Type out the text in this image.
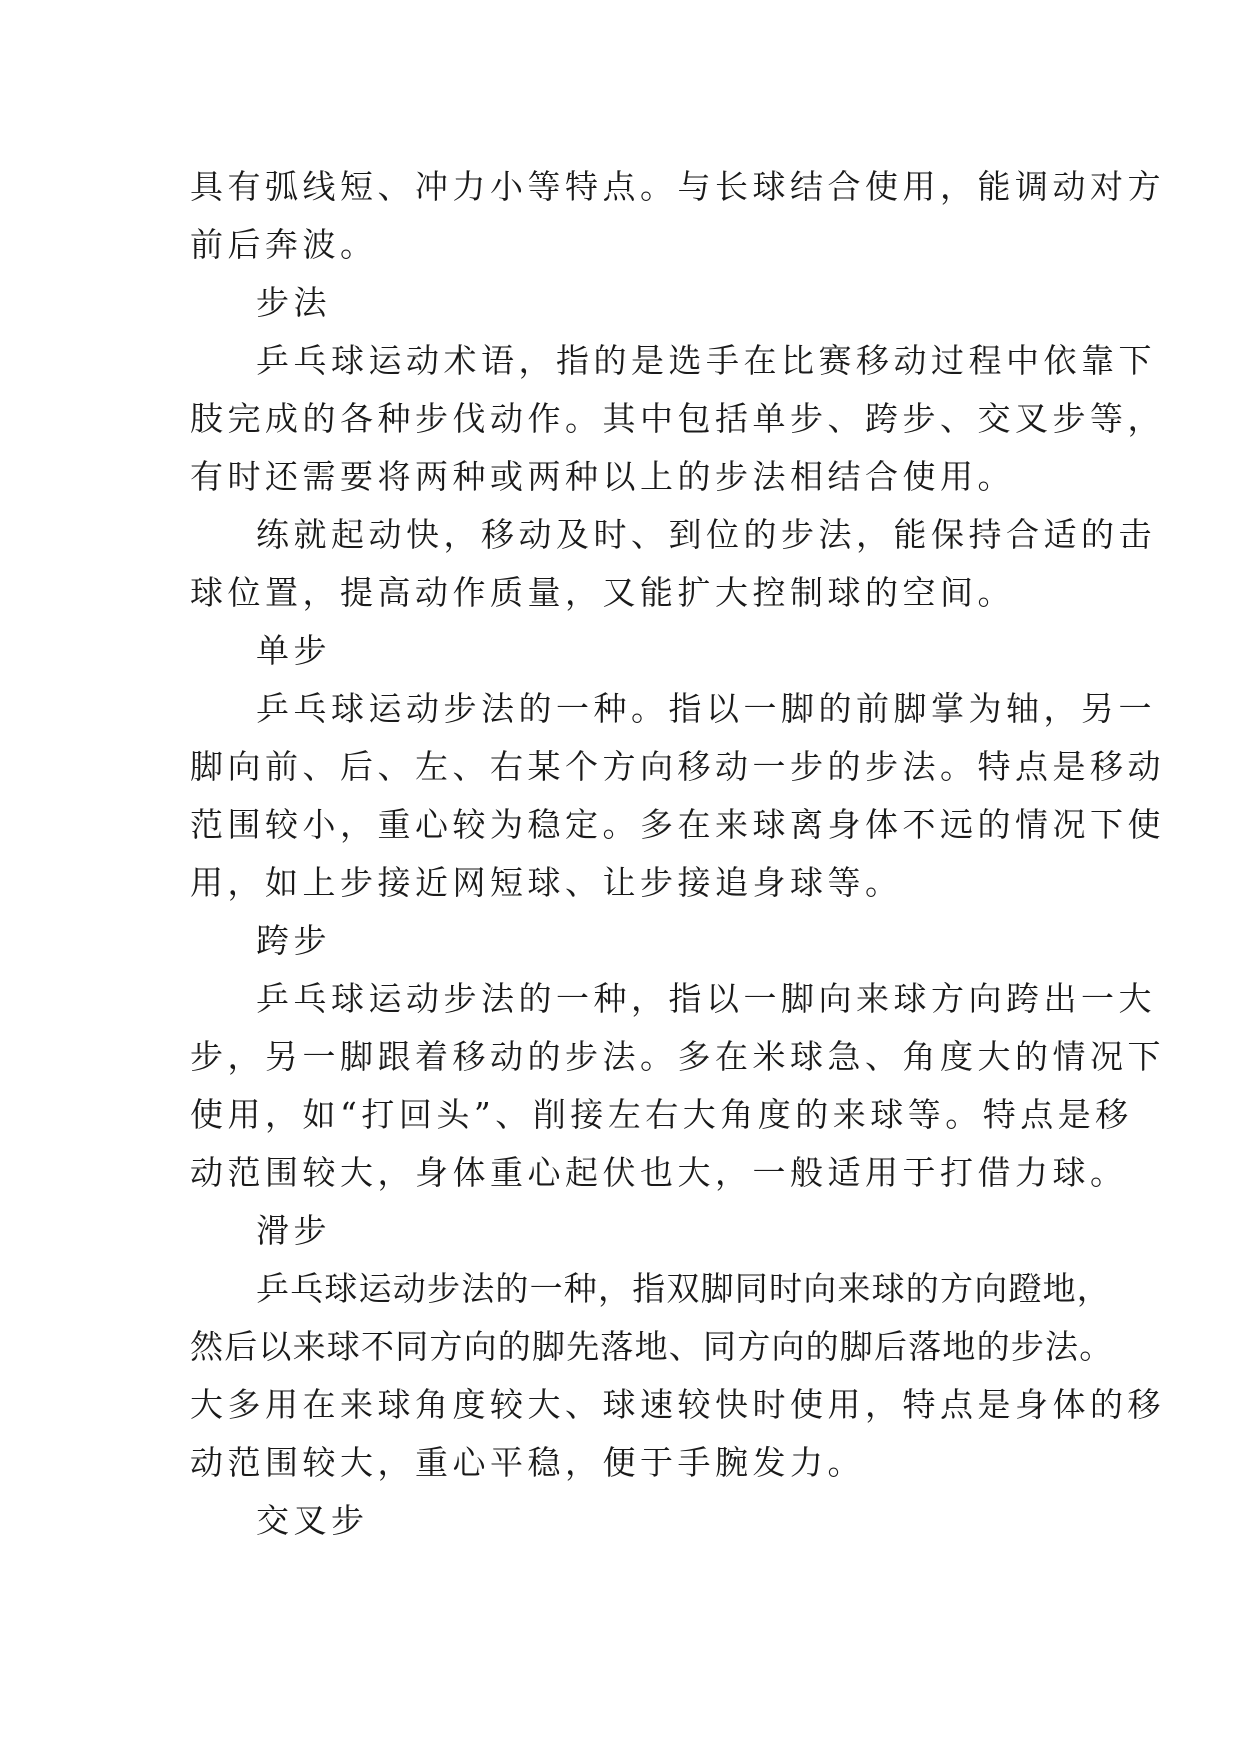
具有弧线短、冲力小等特点。与长球结合使用，能调动对方
前后奔波。
步法
乒乓球运动术语，指的是选手在比赛移动过程中依靠下
肢完成的各种步伐动作。其中包括单步、跨步、交叉步等，
有时还需要将两种或两种以上的步法相结合使用。
练就起动快，移动及时、到位的步法，能保持合适的击
球位置，提高动作质量，又能扩大控制球的空间。
单步
乒乓球运动步法的一种。指以一脚的前脚掌为轴，另一
脚向前、后、左、右某个方向移动一步的步法。特点是移动
范围较小，重心较为稳定。多在来球离身体不远的情况下使
用，如上步接近网短球、让步接追身球等。
跨步
乒乓球运动步法的一种，指以一脚向来球方向跨出一大
步，另一脚跟着移动的步法。多在米球急、角度大的情况下
使用，如“打回头”、削接左右大角度的来球等。特点是移
动范围较大，身体重心起伏也大，一般适用于打借力球。
滑步
乒乓球运动步法的一种，指双脚同时向来球的方向蹬地，
然后以来球不同方向的脚先落地、同方向的脚后落地的步法。
大多用在来球角度较大、球速较快时使用，特点是身体的移
动范围较大，重心平稳，便于手腕发力。
交叉步
